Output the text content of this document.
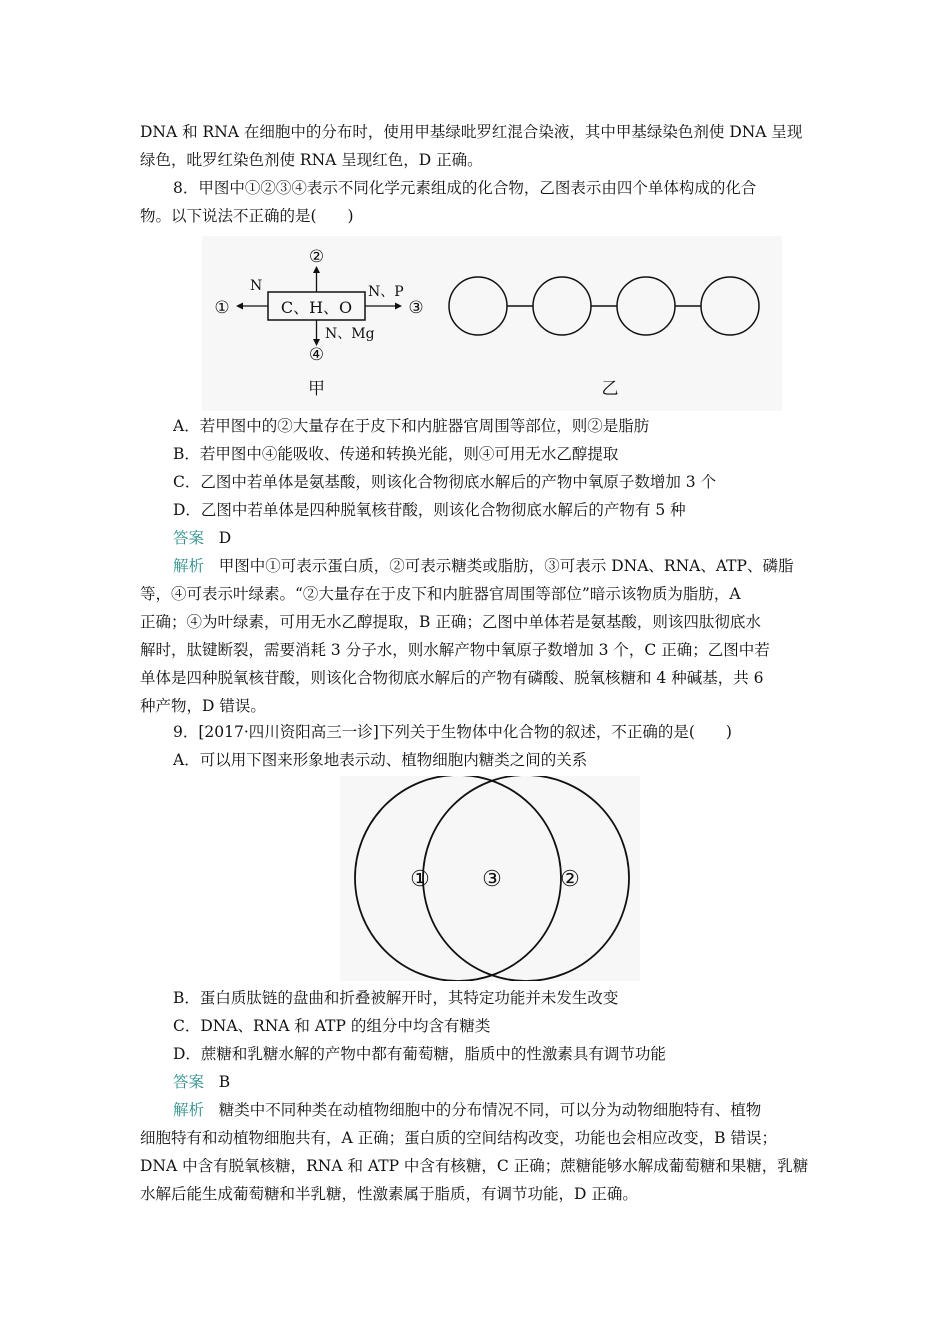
DNA 和 RNA 在细胞中的分布时，使用甲基绿吡罗红混合染液，其中甲基绿染色剂使 DNA 呈现
绿色，吡罗红染色剂使 RNA 呈现红色，D 正确。
8．甲图中①②③④表示不同化学元素组成的化合物，乙图表示由四个单体构成的化合
物。以下说法不正确的是(　　)
C、H、O
②
N
①
N、P
③
N、Mg
④
甲	乙
A．若甲图中的②大量存在于皮下和内脏器官周围等部位，则②是脂肪
B．若甲图中④能吸收、传递和转换光能，则④可用无水乙醇提取
C．乙图中若单体是氨基酸，则该化合物彻底水解后的产物中氧原子数增加 3 个
D．乙图中若单体是四种脱氧核苷酸，则该化合物彻底水解后的产物有 5 种
答案 D
解析 甲图中①可表示蛋白质，②可表示糖类或脂肪，③可表示 DNA、RNA、ATP、磷脂
等，④可表示叶绿素。“②大量存在于皮下和内脏器官周围等部位”暗示该物质为脂肪，A
正确；④为叶绿素，可用无水乙醇提取，B 正确；乙图中单体若是氨基酸，则该四肽彻底水
解时，肽键断裂，需要消耗 3 分子水，则水解产物中氧原子数增加 3 个，C 正确；乙图中若
单体是四种脱氧核苷酸，则该化合物彻底水解后的产物有磷酸、脱氧核糖和 4 种碱基，共 6
种产物，D 错误。
9．[2017·四川资阳高三一诊]下列关于生物体中化合物的叙述，不正确的是(　　)
A．可以用下图来形象地表示动、植物细胞内糖类之间的关系
① ③	②
B．蛋白质肽链的盘曲和折叠被解开时，其特定功能并未发生改变
C．DNA、RNA 和 ATP 的组分中均含有糖类
D．蔗糖和乳糖水解的产物中都有葡萄糖，脂质中的性激素具有调节功能
答案 B
解析 糖类中不同种类在动植物细胞中的分布情况不同，可以分为动物细胞特有、植物
细胞特有和动植物细胞共有，A 正确；蛋白质的空间结构改变，功能也会相应改变，B 错误；
DNA 中含有脱氧核糖，RNA 和 ATP 中含有核糖，C 正确；蔗糖能够水解成葡萄糖和果糖，乳糖
水解后能生成葡萄糖和半乳糖，性激素属于脂质，有调节功能，D 正确。
